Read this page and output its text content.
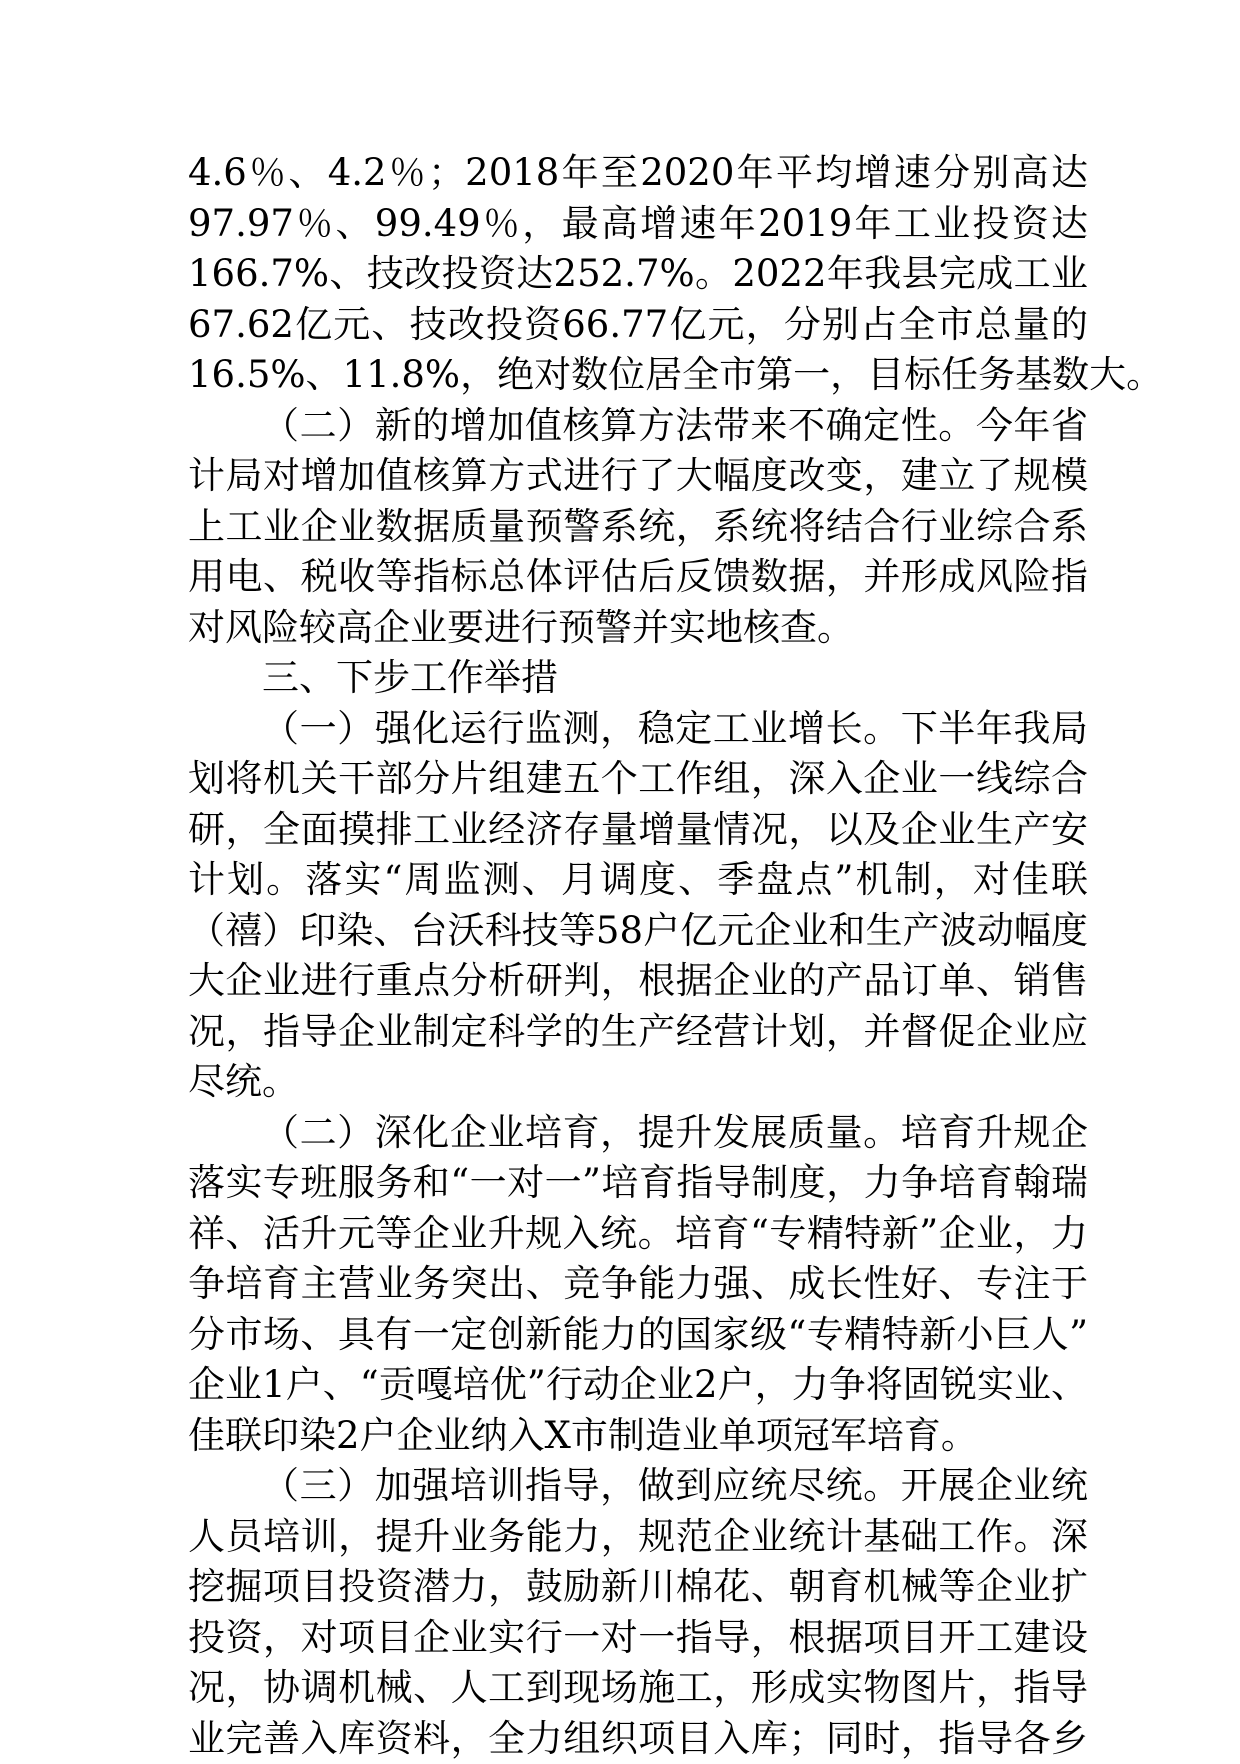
4.6％、4.2％；2018年至2020年平均增速分别高达
97.97％、99.49％，最高增速年2019年工业投资达
166.7%、技改投资达252.7%。2022年我县完成工业
67.62亿元、技改投资66.77亿元，分别占全市总量的
16.5%、11.8%，绝对数位居全市第一，目标任务基数大。
（二）新的增加值核算方法带来不确定性。今年省
计局对增加值核算方式进行了大幅度改变，建立了规模
上工业企业数据质量预警系统，系统将结合行业综合系
用电、税收等指标总体评估后反馈数据，并形成风险指
对风险较高企业要进行预警并实地核查。
三、下步工作举措
（一）强化运行监测，稳定工业增长。下半年我局
划将机关干部分片组建五个工作组，深入企业一线综合
研，全面摸排工业经济存量增量情况，以及企业生产安
计划。落实“周监测、月调度、季盘点”机制，对佳联
（禧）印染、台沃科技等58户亿元企业和生产波动幅度
大企业进行重点分析研判，根据企业的产品订单、销售
况，指导企业制定科学的生产经营计划，并督促企业应
尽统。
（二）深化企业培育，提升发展质量。培育升规企
落实专班服务和“一对一”培育指导制度，力争培育翰瑞
祥、活升元等企业升规入统。培育“专精特新”企业，力
争培育主营业务突出、竞争能力强、成长性好、专注于
分市场、具有一定创新能力的国家级“专精特新小巨人”
企业1户、“贡嘎培优”行动企业2户，力争将固锐实业、
佳联印染2户企业纳入X市制造业单项冠军培育。
（三）加强培训指导，做到应统尽统。开展企业统
人员培训，提升业务能力，规范企业统计基础工作。深
挖掘项目投资潜力，鼓励新川棉花、朝育机械等企业扩
投资，对项目企业实行一对一指导，根据项目开工建设
况，协调机械、人工到现场施工，形成实物图片，指导
业完善入库资料，全力组织项目入库；同时，指导各乡
